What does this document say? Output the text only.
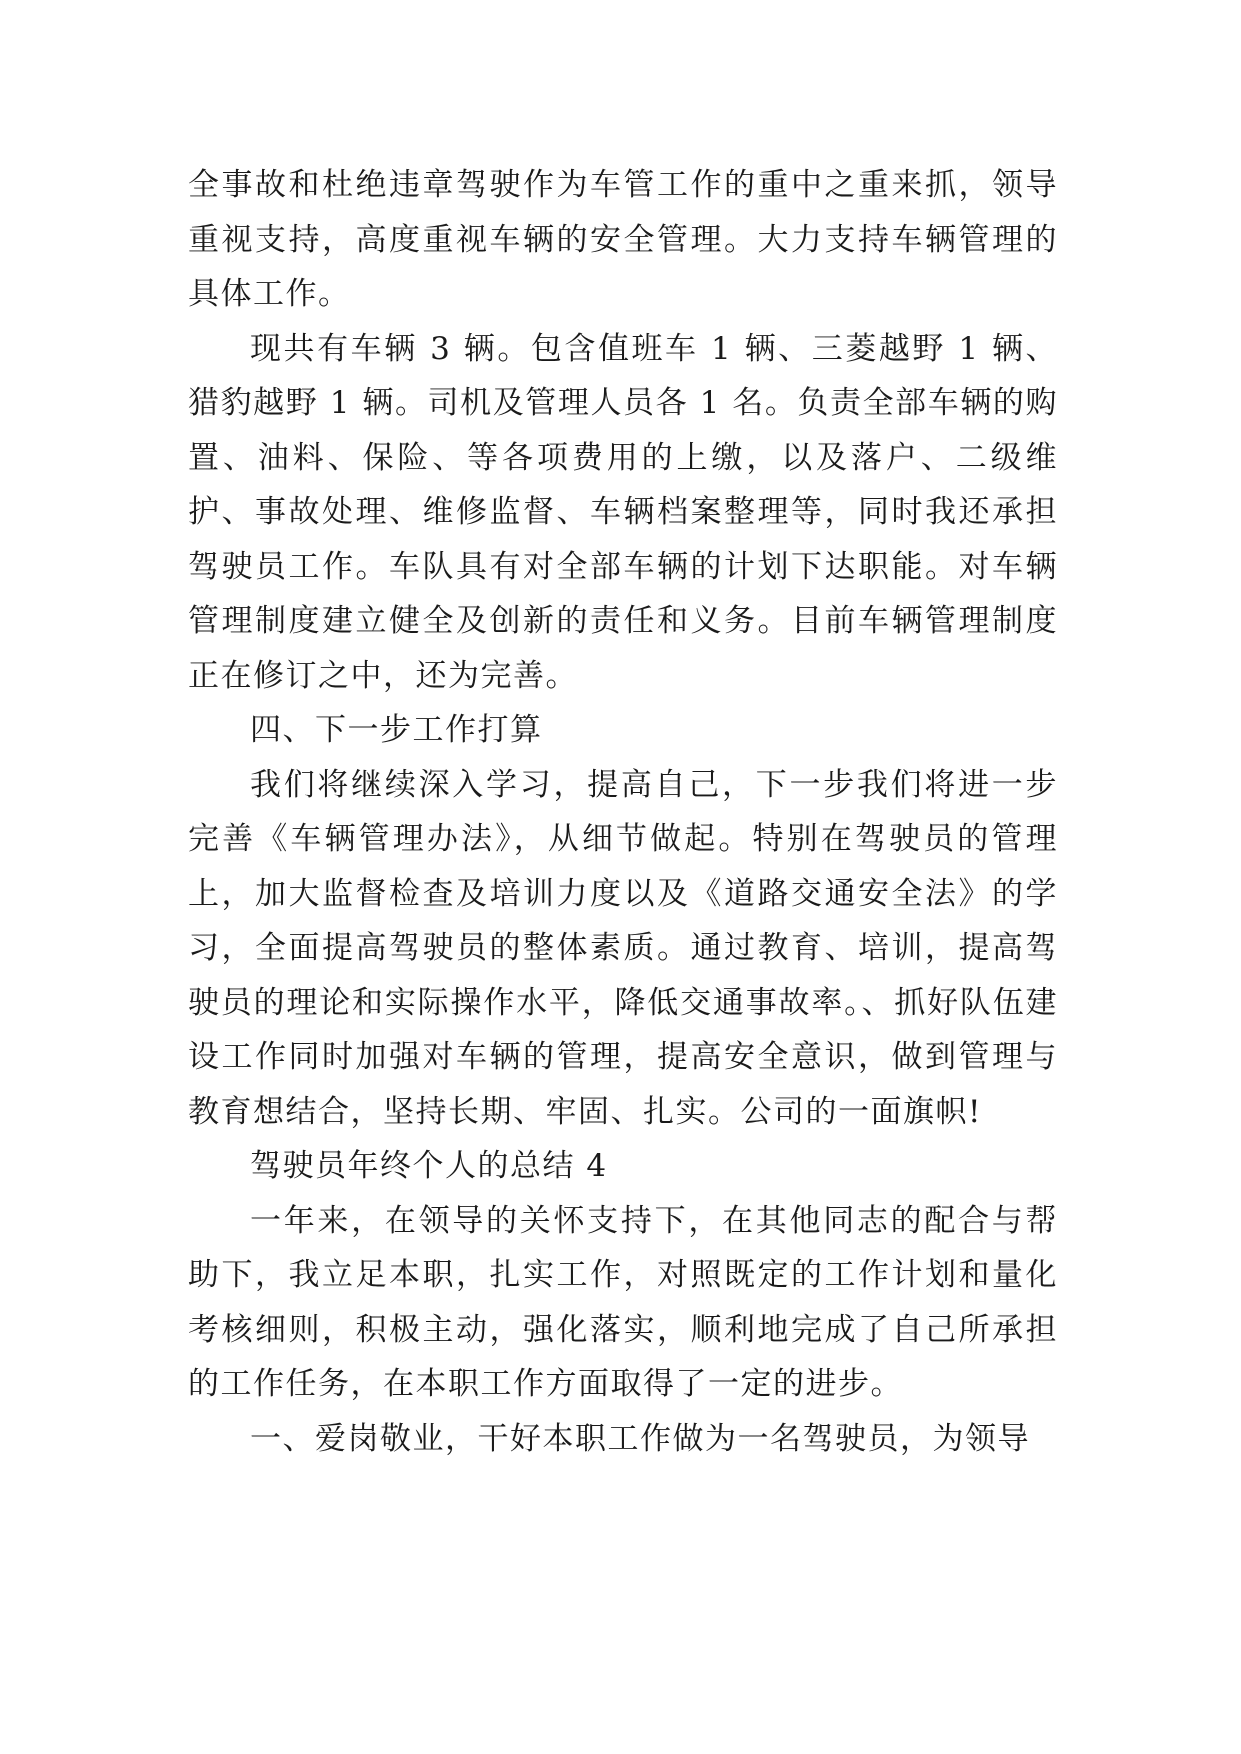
全事故和杜绝违章驾驶作为车管工作的重中之重来抓，领导重视支持，高度重视车辆的安全管理。大力支持车辆管理的具体工作。

现共有车辆 3 辆。包含值班车 1 辆、三菱越野 1 辆、猎豹越野 1 辆。司机及管理人员各 1 名。负责全部车辆的购置、油料、保险、等各项费用的上缴，以及落户、二级维护、事故处理、维修监督、车辆档案整理等，同时我还承担驾驶员工作。车队具有对全部车辆的计划下达职能。对车辆管理制度建立健全及创新的责任和义务。目前车辆管理制度正在修订之中，还为完善。

四、下一步工作打算

我们将继续深入学习，提高自己，下一步我们将进一步完善《车辆管理办法》，从细节做起。特别在驾驶员的管理上，加大监督检查及培训力度以及《道路交通安全法》的学习，全面提高驾驶员的整体素质。通过教育、培训，提高驾驶员的理论和实际操作水平，降低交通事故率。、抓好队伍建设工作同时加强对车辆的管理，提高安全意识，做到管理与教育想结合，坚持长期、牢固、扎实。公司的一面旗帜!

驾驶员年终个人的总结 4

一年来，在领导的关怀支持下，在其他同志的配合与帮助下，我立足本职，扎实工作，对照既定的工作计划和量化考核细则，积极主动，强化落实，顺利地完成了自己所承担的工作任务，在本职工作方面取得了一定的进步。

一、爱岗敬业，干好本职工作做为一名驾驶员，为领导
